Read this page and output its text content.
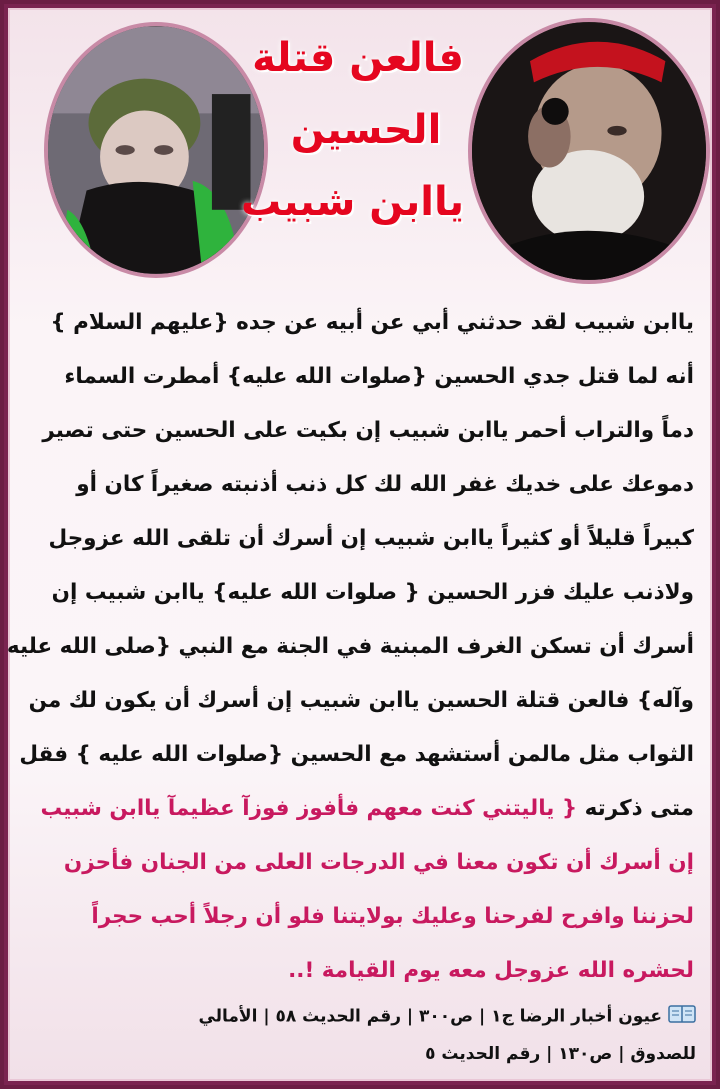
فالعن قتلة
الحسين
ياابن شبيب
ياابن شبيب لقد حدثني أبي عن أبيه عن جده {عليهم السلام }
أنه لما قتل جدي الحسين {صلوات الله عليه} أمطرت السماء
دماً والتراب أحمر ياابن شبيب إن بكيت على الحسين حتى تصير
دموعك على خديك غفر الله لك كل ذنب أذنبته صغيراً كان أو
كبيراً قليلاً أو كثيراً ياابن شبيب إن أسرك أن تلقى الله عزوجل
ولاذنب عليك فزر الحسين { صلوات الله عليه} ياابن شبيب إن
أسرك أن تسكن الغرف المبنية في الجنة مع النبي {صلى الله عليه
وآله} فالعن قتلة الحسين ياابن شبيب إن أسرك أن يكون لك من
الثواب مثل مالمن أستشهد مع الحسين {صلوات الله عليه } فقل
متى ذكرته { ياليتني كنت معهم فأفوز فوزآ عظيمآ ياابن شبيب
إن أسرك أن تكون معنا في الدرجات العلى من الجنان فأحزن
لحزننا وافرح لفرحنا وعليك بولايتنا فلو أن رجلاً أحب حجراً
لحشره الله عزوجل معه يوم القيامة !..
عيون أخبار الرضا ج١ | ص٣٠٠ | رقم الحديث ٥٨ | الأمالي
للصدوق | ص١٣٠ | رقم الحديث ٥
